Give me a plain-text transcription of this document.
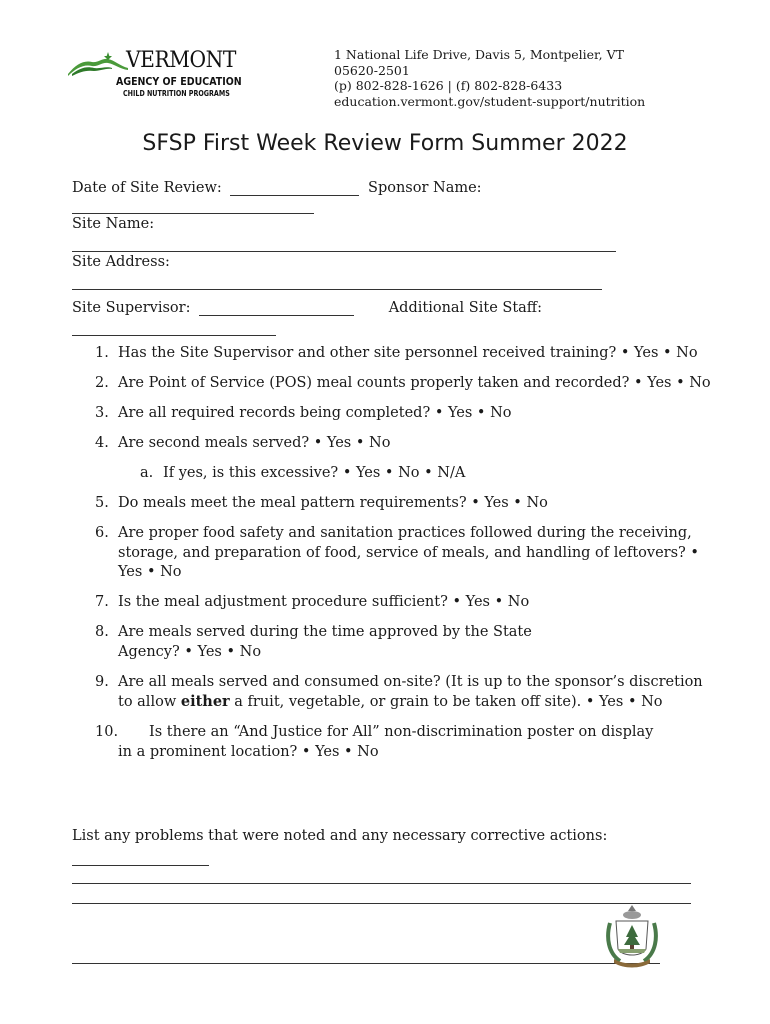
VERMONT
AGENCY OF EDUCATION
CHILD NUTRITION PROGRAMS
1 National Life Drive, Davis 5, Montpelier, VT
05620-2501
(p) 802-828-1626 | (f) 802-828-6433
education.vermont.gov/student-support/nutrition
SFSP First Week Review Form Summer 2022
Date of Site Review:	Sponsor Name:
Site Name:
Site Address:
Site Supervisor:	Additional Site Staff:
1. Has the Site Supervisor and other site personnel received training? • Yes • No
2. Are Point of Service (POS) meal counts properly taken and recorded? • Yes • No
3. Are all required records being completed? • Yes • No
4. Are second meals served? • Yes • No
a. If yes, is this excessive? • Yes • No • N/A
5. Do meals meet the meal pattern requirements? • Yes • No
6. Are proper food safety and sanitation practices followed during the receiving, storage, and preparation of food, service of meals, and handling of leftovers? • Yes • No
7. Is the meal adjustment procedure sufficient? • Yes • No
8. Are meals served during the time approved by the State Agency? • Yes • No
9. Are all meals served and consumed on-site? (It is up to the sponsor’s discretion to allow either a fruit, vegetable, or grain to be taken off site). • Yes • No
10. Is there an “And Justice for All” non-discrimination poster on display
in a prominent location? • Yes • No
List any problems that were noted and any necessary corrective actions:
